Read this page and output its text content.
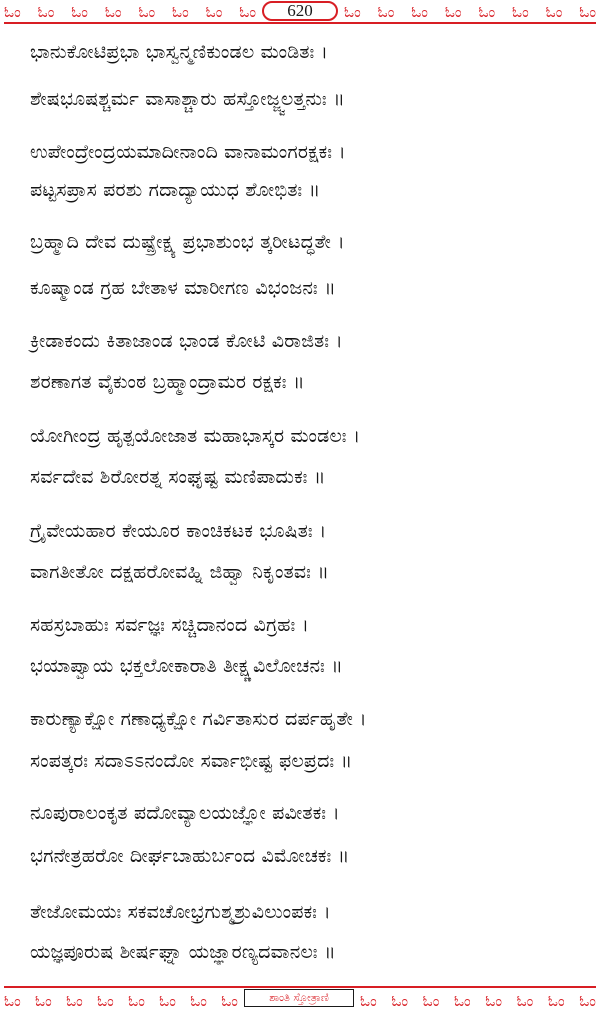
ಓಂ ಓಂ ಓಂ ಓಂ ಓಂ ಓಂ ಓಂ ಓಂ	620	ಓಂ ಓಂ ಓಂ ಓಂ ಓಂ ಓಂ ಓಂ ಓಂ
ಭಾನುಕೋಟಿಪ್ರಭಾ ಭಾಸ್ವನ್ಮಣಿಕುಂಡಲ ಮಂಡಿತಃ ।
ಶೇಷಭೂಷಶ್ಚರ್ಮ ವಾಸಾಶ್ಚಾರು ಹಸ್ತೋಜ್ಜ್ವಲತ್ತನುಃ ॥
ಉಪೇಂದ್ರೇಂದ್ರಯಮಾದೀನಾಂದಿ ವಾನಾಮಂಗರಕ್ಷಕಃ ।
ಪಟ್ಟಸಪ್ರಾಸ ಪರಶು ಗದಾದ್ಯಾಯುಧ ಶೋಭಿತಃ ॥
ಬ್ರಹ್ಮಾದಿ ದೇವ ದುಷ್ಪ್ರೇಕ್ಷ್ಯ ಪ್ರಭಾಶುಂಭ ತ್ಕರೀಟದ್ಧತೇ ।
ಕೂಷ್ಮಾಂಡ ಗ್ರಹ ಬೇತಾಳ ಮಾರೀಗಣ ವಿಭಂಜನಃ ॥
ಕ್ರೀಡಾಕಂದು ಕಿತಾಜಾಂಡ ಭಾಂಡ ಕೋಟಿ ವಿರಾಜಿತಃ ।
ಶರಣಾಗತ ವೈಕುಂಠ ಬ್ರಹ್ಮಾಂದ್ರಾಮರ ರಕ್ಷಕಃ ॥
ಯೋಗೀಂದ್ರ ಹೃತ್ಪಯೋಜಾತ ಮಹಾಭಾಸ್ಕರ ಮಂಡಲಃ ।
ಸರ್ವದೇವ ಶಿರೋರತ್ನ ಸಂಘೃಷ್ಟ ಮಣಿಪಾದುಕಃ ॥
ಗ್ರೈವೇಯಹಾರ ಕೇಯೂರ ಕಾಂಚಿಕಟಕ ಭೂಷಿತಃ ।
ವಾಗತೀತೋ ದಕ್ಷಹರೋವಹ್ನಿ ಜಿಹ್ವಾ ನಿಕೃಂತವಃ ॥
ಸಹಸ್ರಬಾಹುಃ ಸರ್ವಜ್ಞಃ ಸಚ್ಚಿದಾನಂದ ವಿಗ್ರಹಃ ।
ಭಯಾಪ್ವಾಯ ಭಕ್ತಲೋಕಾರಾತಿ ತೀಕ್ಷ್ಣವಿಲೋಚನಃ ॥
ಕಾರುಣ್ಯಾಕ್ಷೋ ಗಣಾಧ್ಯಕ್ಷೋ ಗರ್ವಿತಾಸುರ ದರ್ಪಹೃತೇ ।
ಸಂಪತ್ಕರಃ ಸದಾಽಽನಂದೋ ಸರ್ವಾಭೀಷ್ಟ ಫಲಪ್ರದಃ ॥
ನೂಪುರಾಲಂಕೃತ ಪದೋವ್ಯಾಲಯಜ್ಞೋ ಪವೀತಕಃ ।
ಭಗನೇತ್ರಹರೋ ದೀರ್ಘಬಾಹುರ್ಬಂದ ವಿಮೋಚಕಃ ॥
ತೇಜೋಮಯಃ ಸಕವಚೋಭ್ರಗುಶ್ಮಶ್ರುವಿಲುಂಪಕಃ ।
ಯಜ್ಞಪೂರುಷ ಶೀರ್ಷಘ್ನಾ ಯಜ್ಞಾರಣ್ಯದವಾನಲಃ ॥
ಓಂ ಓಂ ಓಂ ಓಂ ಓಂ ಓಂ ಓಂ ಓಂ	ಶಾಂತಿ ಸ್ತೋತ್ರಾಣಿ	ಓಂ ಓಂ ಓಂ ಓಂ ಓಂ ಓಂ ಓಂ ಓಂ
